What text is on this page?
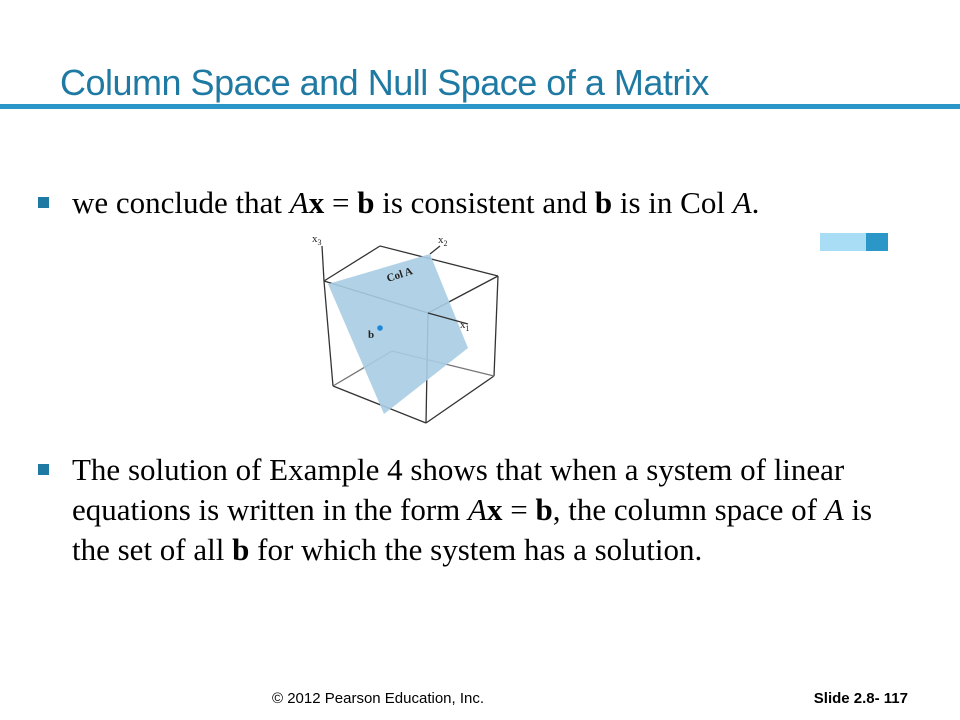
Column Space and Null Space of a Matrix
we conclude that Ax = b is consistent and b is in Col A.
$x_3$	$x_2$
$x_1$
Col A
b
The solution of Example 4 shows that when a system of linear equations is written in the form Ax = b, the column space of A is the set of all b for which the system has a solution.
© 2012 Pearson Education, Inc.	Slide 2.8- 117
